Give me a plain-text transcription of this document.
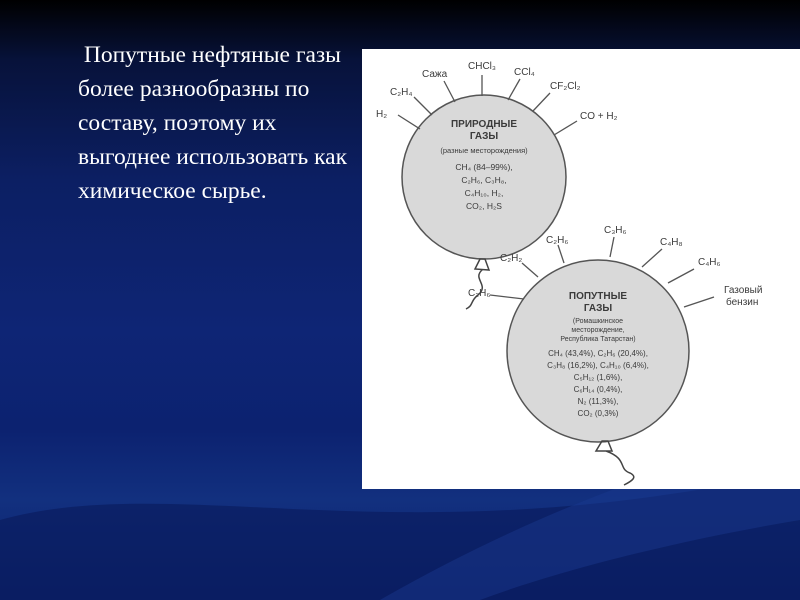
Попутные нефтяные газы более разнообразны по составу, поэтому их выгоднее использовать как химическое сырье.

H₂
C₂H₄
Сажа
CHCl₃
CCl₄
CF₂Cl₂
CO + H₂
ПРИРОДНЫЕ
ГАЗЫ
(разные месторождения)
CH₄ (84–99%),
C₂H₆, C₃H₈,
C₄H₁₀, H₂,
CO₂, H₂S
C₂H₆
C₂H₂
C₂H₆
C₃H₆
C₄H₈
C₄H₆
Газовый
бензин
ПОПУТНЫЕ
ГАЗЫ
(Ромашкинское
месторождение,
Республика Татарстан)
CH₄ (43,4%), C₂H₆ (20,4%),
C₃H₈ (16,2%), C₄H₁₀ (6,4%),
C₅H₁₂ (1,6%),
C₆H₁₄ (0,4%),
N₂ (11,3%),
CO₂ (0,3%)
